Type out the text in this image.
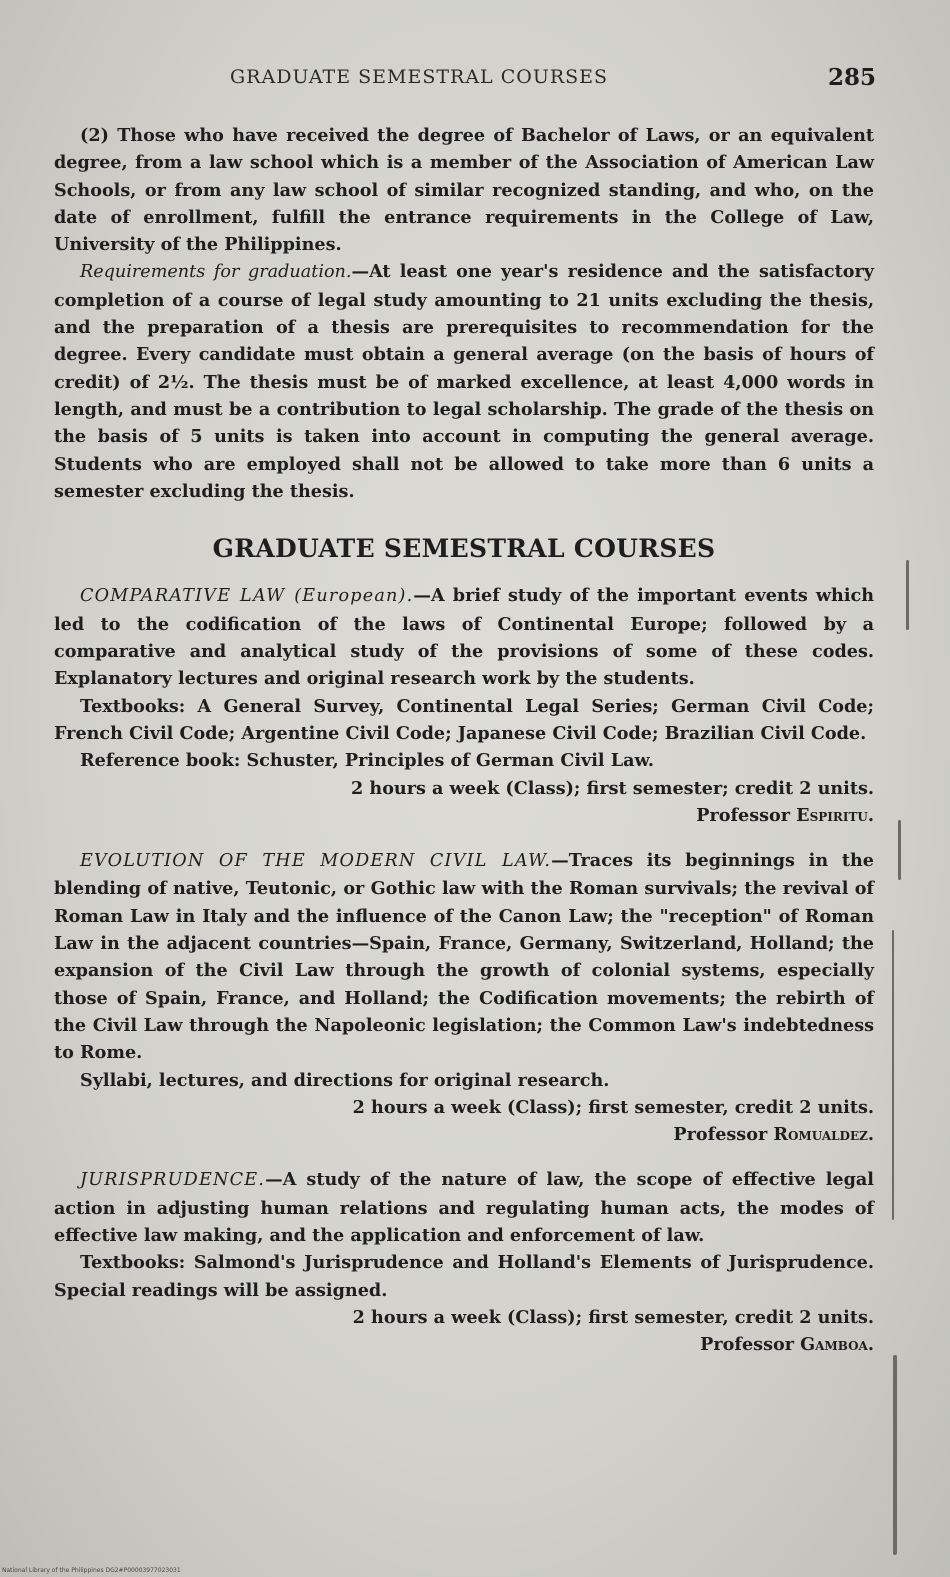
GRADUATE SEMESTRAL COURSES	285

(2) Those who have received the degree of Bachelor of Laws, or an equivalent degree, from a law school which is a member of the Association of American Law Schools, or from any law school of similar recognized standing, and who, on the date of enrollment, fulfill the entrance requirements in the College of Law, University of the Philippines.

Requirements for graduation.—At least one year's residence and the satisfactory completion of a course of legal study amounting to 21 units excluding the thesis, and the preparation of a thesis are prerequisites to recommendation for the degree. Every candidate must obtain a general average (on the basis of hours of credit) of 2½. The thesis must be of marked excellence, at least 4,000 words in length, and must be a contribution to legal scholarship. The grade of the thesis on the basis of 5 units is taken into account in computing the general average. Students who are employed shall not be allowed to take more than 6 units a semester excluding the thesis.

GRADUATE SEMESTRAL COURSES

COMPARATIVE LAW (European).—A brief study of the important events which led to the codification of the laws of Continental Europe; followed by a comparative and analytical study of the provisions of some of these codes. Explanatory lectures and original research work by the students.

Textbooks: A General Survey, Continental Legal Series; German Civil Code; French Civil Code; Argentine Civil Code; Japanese Civil Code; Brazilian Civil Code.

Reference book: Schuster, Principles of German Civil Law.

2 hours a week (Class); first semester; credit 2 units.

Professor Espiritu.

EVOLUTION OF THE MODERN CIVIL LAW.—Traces its beginnings in the blending of native, Teutonic, or Gothic law with the Roman survivals; the revival of Roman Law in Italy and the influence of the Canon Law; the "reception" of Roman Law in the adjacent countries—Spain, France, Germany, Switzerland, Holland; the expansion of the Civil Law through the growth of colonial systems, especially those of Spain, France, and Holland; the Codification movements; the rebirth of the Civil Law through the Napoleonic legislation; the Common Law's indebtedness to Rome.

Syllabi, lectures, and directions for original research.

2 hours a week (Class); first semester, credit 2 units.

Professor Romualdez.

JURISPRUDENCE.—A study of the nature of law, the scope of effective legal action in adjusting human relations and regulating human acts, the modes of effective law making, and the application and enforcement of law.

Textbooks: Salmond's Jurisprudence and Holland's Elements of Jurisprudence. Special readings will be assigned.

2 hours a week (Class); first semester, credit 2 units.

Professor Gamboa.

National Library of the Philippines DG2#P00003977023031
